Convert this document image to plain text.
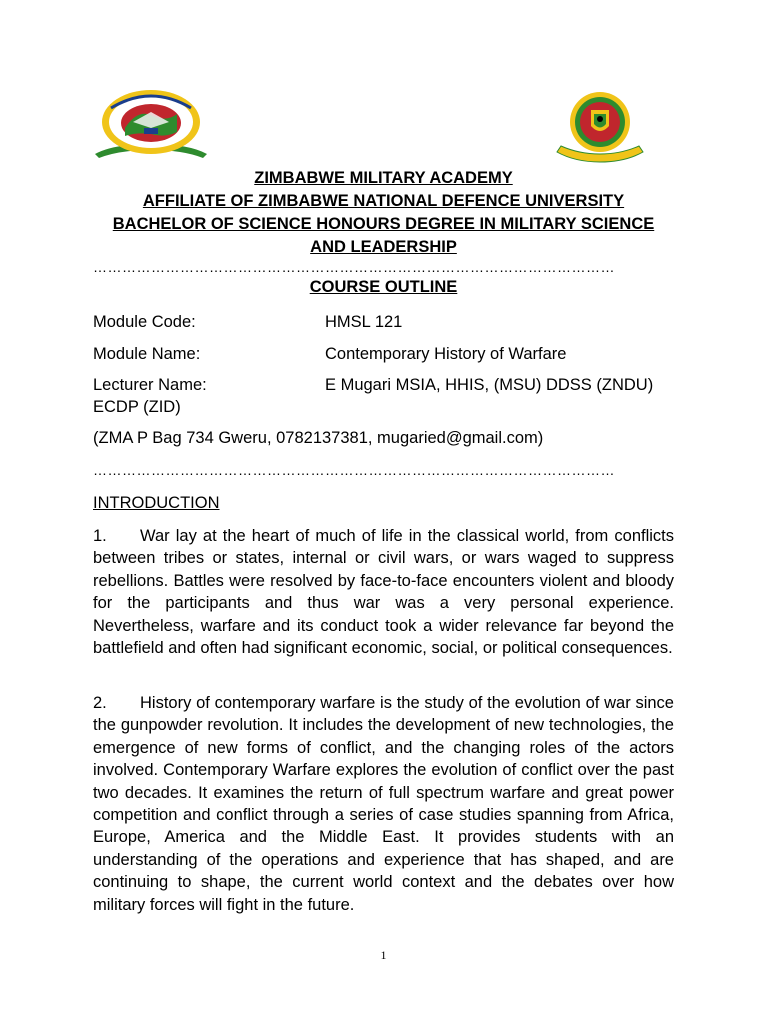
ZIMBABWE MILITARY ACADEMY
AFFILIATE OF ZIMBABWE NATIONAL DEFENCE UNIVERSITY
BACHELOR OF SCIENCE HONOURS DEGREE IN MILITARY SCIENCE
AND LEADERSHIP
………………………………………………………………………………………………
COURSE OUTLINE
Module Code:	HMSL 121
Module Name:	Contemporary History of Warfare
Lecturer Name:	E Mugari MSIA, HHIS, (MSU) DDSS (ZNDU) ECDP (ZID)
(ZMA P Bag 734 Gweru, 0782137381, mugaried@gmail.com)
………………………………………………………………………………………………
INTRODUCTION
1. War lay at the heart of much of life in the classical world, from conflicts between tribes or states, internal or civil wars, or wars waged to suppress rebellions. Battles were resolved by face-to-face encounters violent and bloody for the participants and thus war was a very personal experience. Nevertheless, warfare and its conduct took a wider relevance far beyond the battlefield and often had significant economic, social, or political consequences.
2. History of contemporary warfare is the study of the evolution of war since the gunpowder revolution. It includes the development of new technologies, the emergence of new forms of conflict, and the changing roles of the actors involved. Contemporary Warfare explores the evolution of conflict over the past two decades. It examines the return of full spectrum warfare and great power competition and conflict through a series of case studies spanning from Africa, Europe, America and the Middle East. It provides students with an understanding of the operations and experience that has shaped, and are continuing to shape, the current world context and the debates over how military forces will fight in the future.
1
